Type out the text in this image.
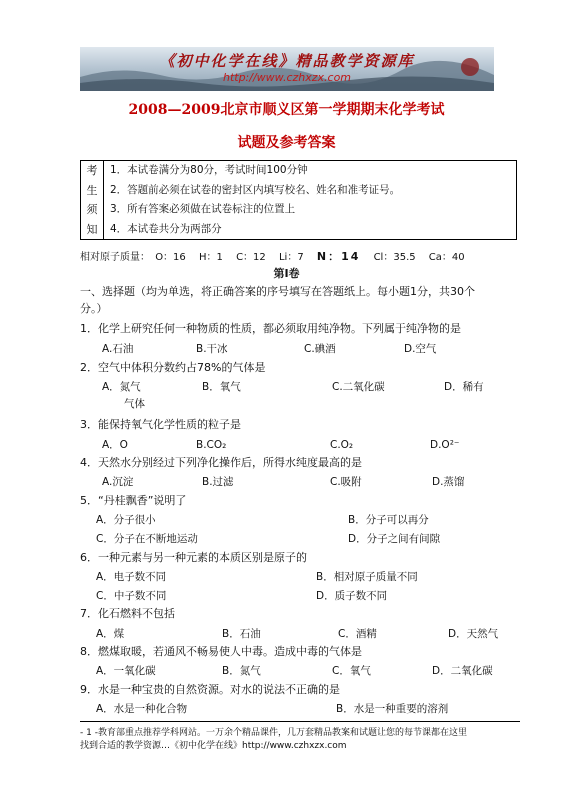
《初中化学在线》精品教学资源库
http://www.czhxzx.com
2008—2009北京市顺义区第一学期期末化学考试
试题及参考答案
考
生
须
知

1．本试卷满分为80分，考试时间100分钟
2．答题前必须在试卷的密封区内填写校名、姓名和准考证号。
3．所有答案必须做在试卷标注的位置上
4．本试卷共分为两部分
相对原子质量： O：16 H：1 C：12 Li：7 N：14 Cl：35.5 Ca：40
第Ⅰ卷
一、选择题（均为单选，将正确答案的序号填写在答题纸上。每小题1分，共30个
分。）
1．化学上研究任何一种物质的性质，都必须取用纯净物。下列属于纯净物的是
A.石油	B.干冰	C.碘酒	D.空气
2．空气中体积分数约占78%的气体是
A．氮气	B．氧气	C.二氧化碳	D．稀有
气体
3．能保持氧气化学性质的粒子是
A．O	B.CO₂	C.O₂	D.O²⁻
4．天然水分别经过下列净化操作后，所得水纯度最高的是
A.沉淀	B.过滤	C.吸附	D.蒸馏
5．“丹桂飘香”说明了
A．分子很小	B．分子可以再分
C．分子在不断地运动	D．分子之间有间隙
6．一种元素与另一种元素的本质区别是原子的
A．电子数不同	B．相对原子质量不同
C．中子数不同	D．质子数不同
7．化石燃料不包括
A．煤	B．石油	C．酒精	D．天然气
8．燃煤取暖，若通风不畅易使人中毒。造成中毒的气体是
A．一氧化碳	B．氮气	C．氧气	D．二氧化碳
9．水是一种宝贵的自然资源。对水的说法不正确的是
A．水是一种化合物	B．水是一种重要的溶剂
- 1 -教育部重点推荐学科网站。一万余个精品课件，几万套精品教案和试题让您的每节课都在这里
找到合适的教学资源…《初中化学在线》http://www.czhxzx.com
